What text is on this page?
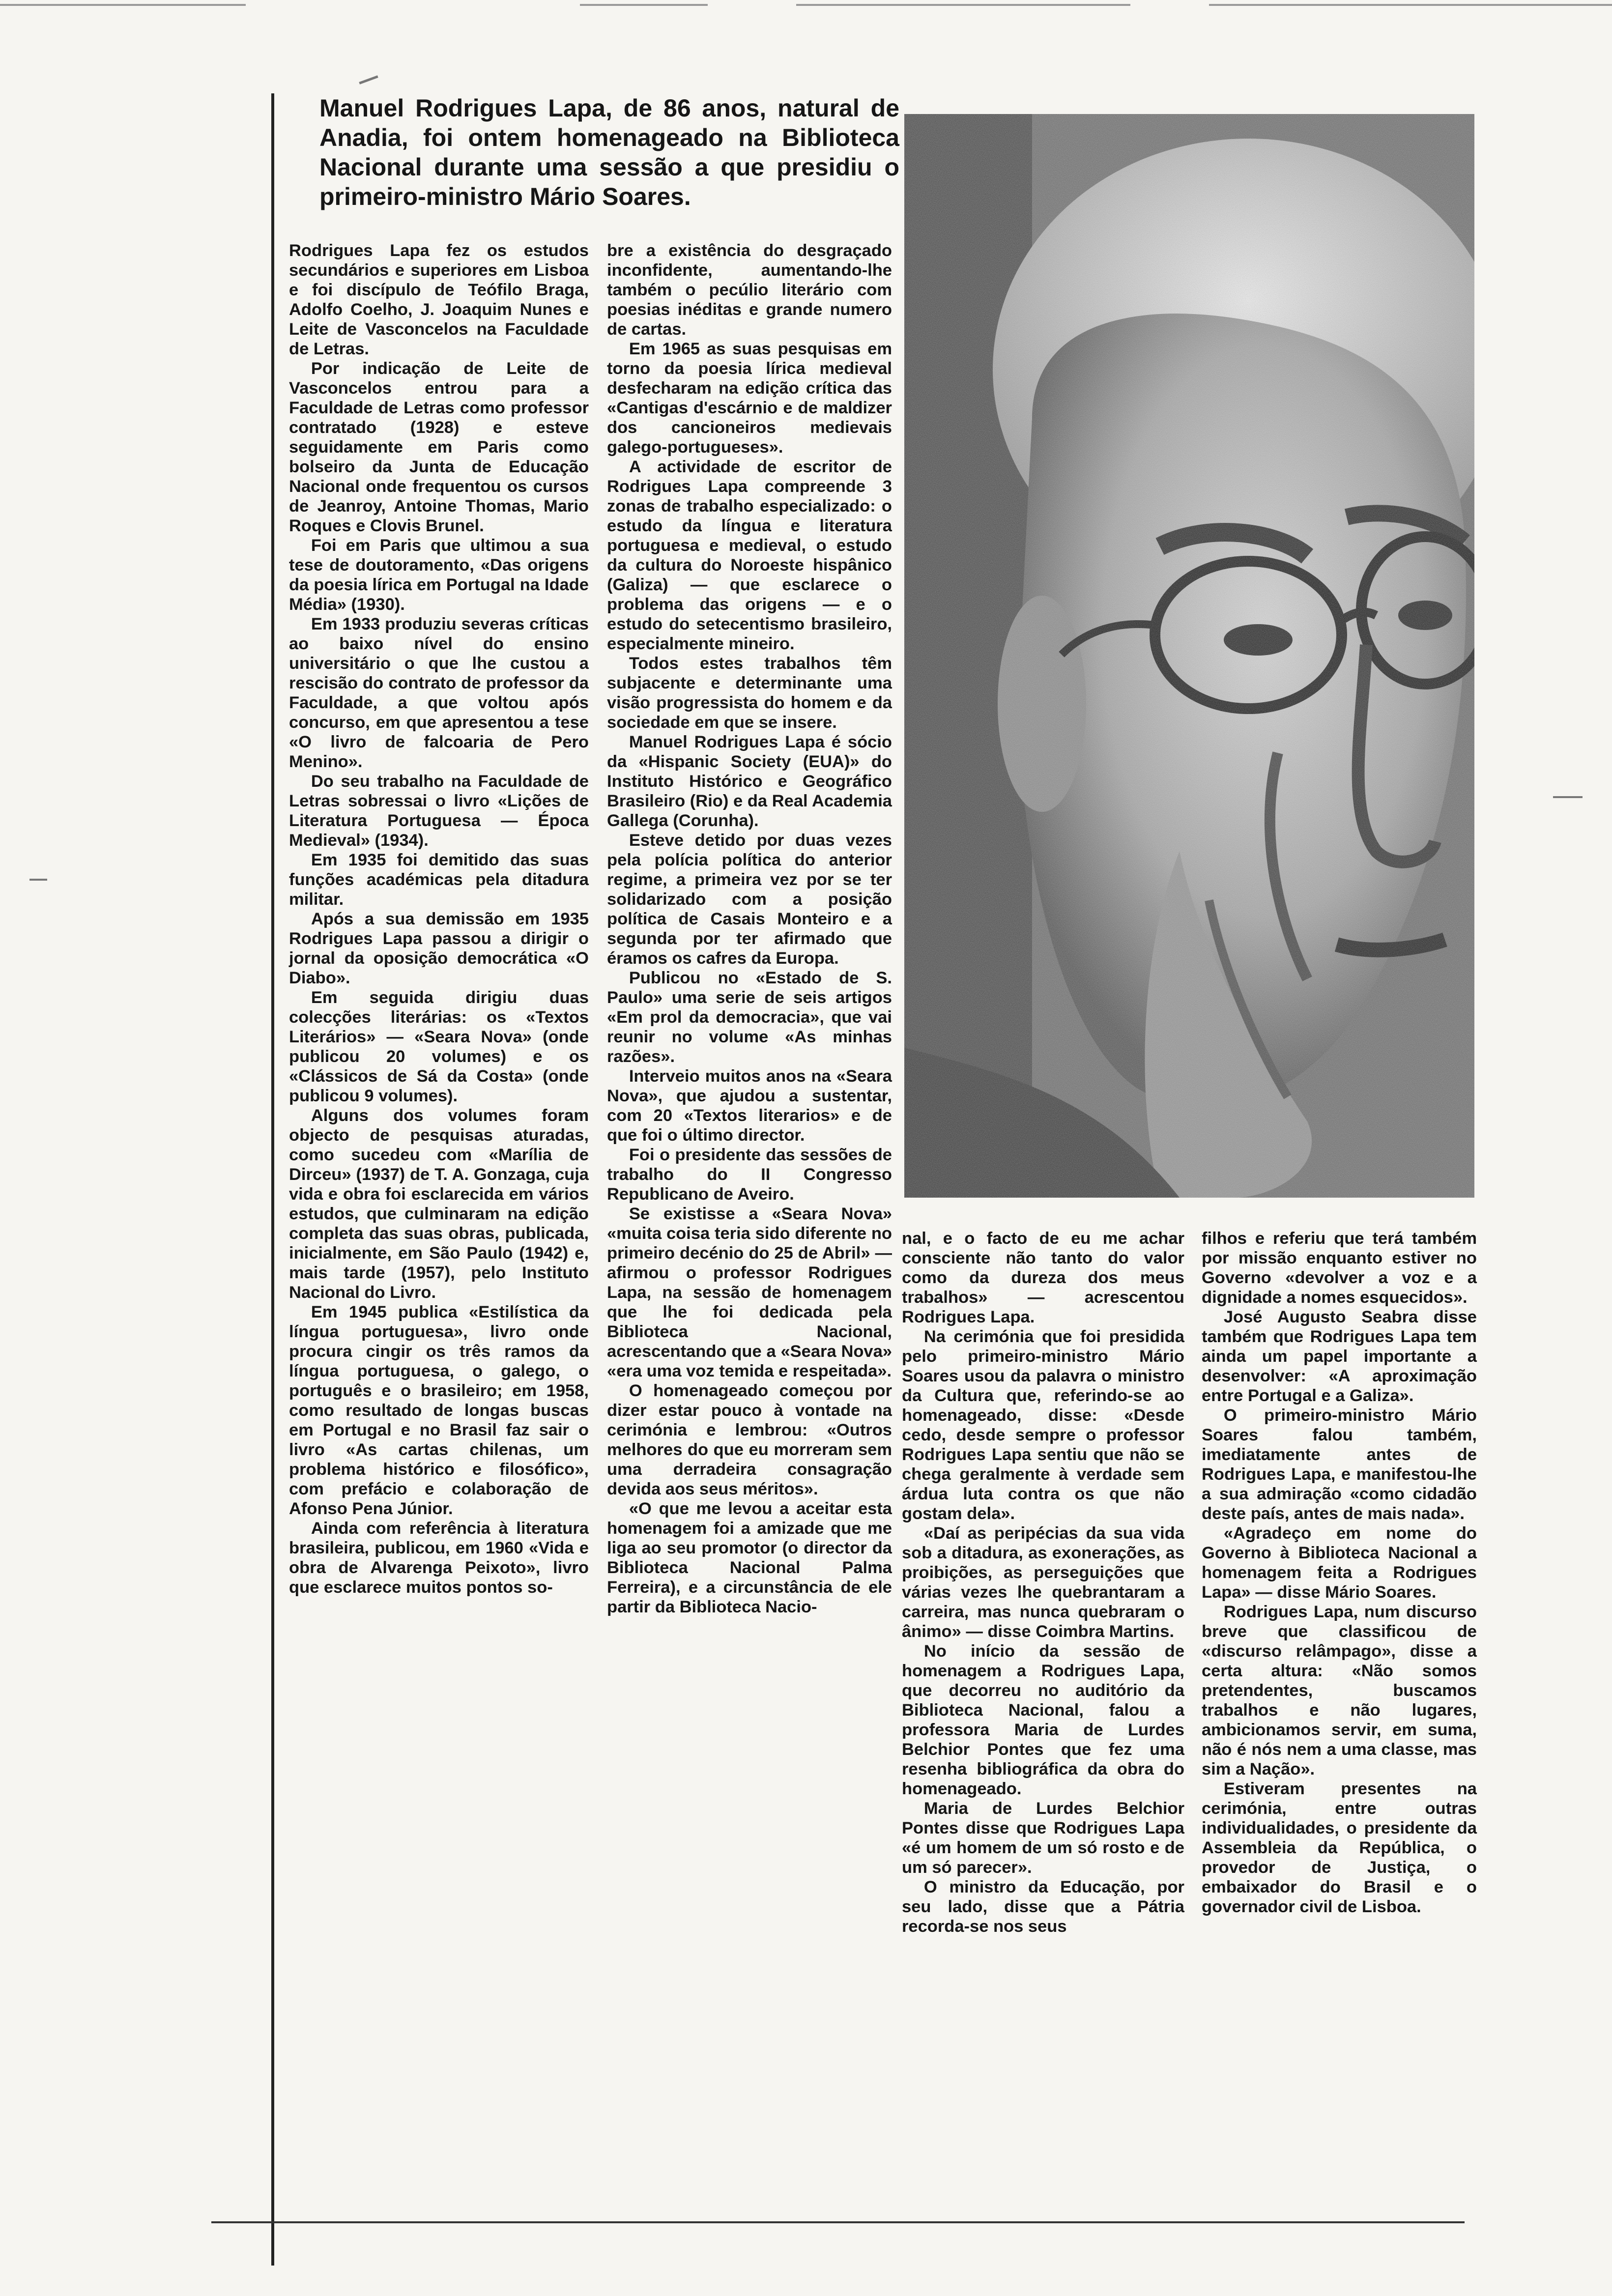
Manuel Rodrigues Lapa, de 86 anos, natural de Anadia, foi ontem homenageado na Biblioteca Nacional durante uma sessão a que presidiu o primeiro-ministro Mário Soares.

Rodrigues Lapa fez os estudos secundários e superiores em Lisboa e foi discípulo de Teófilo Braga, Adolfo Coelho, J. Joaquim Nunes e Leite de Vasconcelos na Faculdade de Letras.

Por indicação de Leite de Vasconcelos entrou para a Faculdade de Letras como professor contratado (1928) e esteve seguidamente em Paris como bolseiro da Junta de Educação Nacional onde frequentou os cursos de Jeanroy, Antoine Thomas, Mario Roques e Clovis Brunel.

Foi em Paris que ultimou a sua tese de doutoramento, «Das origens da poesia lírica em Portugal na Idade Média» (1930).

Em 1933 produziu severas críticas ao baixo nível do ensino universitário o que lhe custou a rescisão do contrato de professor da Faculdade, a que voltou após concurso, em que apresentou a tese «O livro de falcoaria de Pero Menino».

Do seu trabalho na Faculdade de Letras sobressai o livro «Lições de Literatura Portuguesa — Época Medieval» (1934).

Em 1935 foi demitido das suas funções académicas pela ditadura militar.

Após a sua demissão em 1935 Rodrigues Lapa passou a dirigir o jornal da oposição democrática «O Diabo».

Em seguida dirigiu duas colecções literárias: os «Textos Literários» — «Seara Nova» (onde publicou 20 volumes) e os «Clássicos de Sá da Costa» (onde publicou 9 volumes).

Alguns dos volumes foram objecto de pesquisas aturadas, como sucedeu com «Marília de Dirceu» (1937) de T. A. Gonzaga, cuja vida e obra foi esclarecida em vários estudos, que culminaram na edição completa das suas obras, publicada, inicialmente, em São Paulo (1942) e, mais tarde (1957), pelo Instituto Nacional do Livro.

Em 1945 publica «Estilística da língua portuguesa», livro onde procura cingir os três ramos da língua portuguesa, o galego, o português e o brasileiro; em 1958, como resultado de longas buscas em Portugal e no Brasil faz sair o livro «As cartas chilenas, um problema histórico e filosófico», com prefácio e colaboração de Afonso Pena Júnior.

Ainda com referência à literatura brasileira, publicou, em 1960 «Vida e obra de Alvarenga Peixoto», livro que esclarece muitos pontos so-

bre a existência do desgraçado inconfidente, aumentando-lhe também o pecúlio literário com poesias inéditas e grande numero de cartas.

Em 1965 as suas pesquisas em torno da poesia lírica medieval desfecharam na edição crítica das «Cantigas d'escárnio e de maldizer dos cancioneiros medievais galego-portugueses».

A actividade de escritor de Rodrigues Lapa compreende 3 zonas de trabalho especializado: o estudo da língua e literatura portuguesa e medieval, o estudo da cultura do Noroeste hispânico (Galiza) — que esclarece o problema das origens — e o estudo do setecentismo brasileiro, especialmente mineiro.

Todos estes trabalhos têm subjacente e determinante uma visão progressista do homem e da sociedade em que se insere.

Manuel Rodrigues Lapa é sócio da «Hispanic Society (EUA)» do Instituto Histórico e Geográfico Brasileiro (Rio) e da Real Academia Gallega (Corunha).

Esteve detido por duas vezes pela polícia política do anterior regime, a primeira vez por se ter solidarizado com a posição política de Casais Monteiro e a segunda por ter afirmado que éramos os cafres da Europa.

Publicou no «Estado de S. Paulo» uma serie de seis artigos «Em prol da democracia», que vai reunir no volume «As minhas razões».

Interveio muitos anos na «Seara Nova», que ajudou a sustentar, com 20 «Textos literarios» e de que foi o último director.

Foi o presidente das sessões de trabalho do II Congresso Republicano de Aveiro.

Se existisse a «Seara Nova» «muita coisa teria sido diferente no primeiro decénio do 25 de Abril» — afirmou o professor Rodrigues Lapa, na sessão de homenagem que lhe foi dedicada pela Biblioteca Nacional, acrescentando que a «Seara Nova» «era uma voz temida e respeitada».

O homenageado começou por dizer estar pouco à vontade na cerimónia e lembrou: «Outros melhores do que eu morreram sem uma derradeira consagração devida aos seus méritos».

«O que me levou a aceitar esta homenagem foi a amizade que me liga ao seu promotor (o director da Biblioteca Nacional Palma Ferreira), e a circunstância de ele partir da Biblioteca Nacio-

nal, e o facto de eu me achar consciente não tanto do valor como da dureza dos meus trabalhos» — acrescentou Rodrigues Lapa.

Na cerimónia que foi presidida pelo primeiro-ministro Mário Soares usou da palavra o ministro da Cultura que, referindo-se ao homenageado, disse: «Desde cedo, desde sempre o professor Rodrigues Lapa sentiu que não se chega geralmente à verdade sem árdua luta contra os que não gostam dela».

«Daí as peripécias da sua vida sob a ditadura, as exonerações, as proibições, as perseguições que várias vezes lhe quebrantaram a carreira, mas nunca quebraram o ânimo» — disse Coimbra Martins.

No início da sessão de homenagem a Rodrigues Lapa, que decorreu no auditório da Biblioteca Nacional, falou a professora Maria de Lurdes Belchior Pontes que fez uma resenha bibliográfica da obra do homenageado.

Maria de Lurdes Belchior Pontes disse que Rodrigues Lapa «é um homem de um só rosto e de um só parecer».

O ministro da Educação, por seu lado, disse que a Pátria recorda-se nos seus

filhos e referiu que terá também por missão enquanto estiver no Governo «devolver a voz e a dignidade a nomes esquecidos».

José Augusto Seabra disse também que Rodrigues Lapa tem ainda um papel importante a desenvolver: «A aproximação entre Portugal e a Galiza».

O primeiro-ministro Mário Soares falou também, imediatamente antes de Rodrigues Lapa, e manifestou-lhe a sua admiração «como cidadão deste país, antes de mais nada».

«Agradeço em nome do Governo à Biblioteca Nacional a homenagem feita a Rodrigues Lapa» — disse Mário Soares.

Rodrigues Lapa, num discurso breve que classificou de «discurso relâmpago», disse a certa altura: «Não somos pretendentes, buscamos trabalhos e não lugares, ambicionamos servir, em suma, não é nós nem a uma classe, mas sim a Nação».

Estiveram presentes na cerimónia, entre outras individualidades, o presidente da Assembleia da República, o provedor de Justiça, o embaixador do Brasil e o governador civil de Lisboa.
